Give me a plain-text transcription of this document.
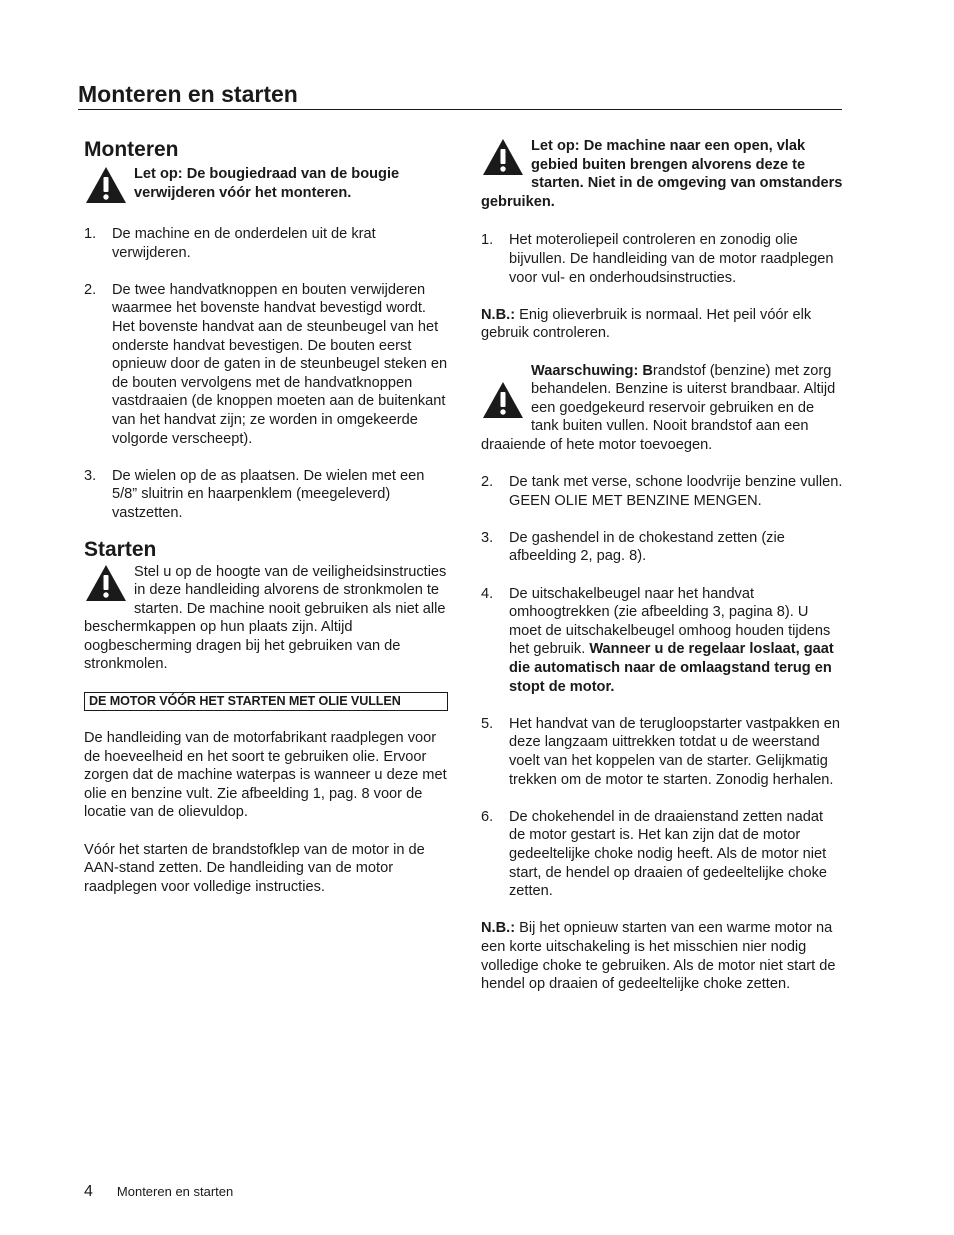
Monteren en starten
Monteren

Let op: De bougiedraad van de bougie verwijderen vóór het monteren.

1.	De machine en de onderdelen uit de krat verwijderen.
2.	De twee handvatknoppen en bouten verwijderen waarmee het bovenste handvat bevestigd wordt. Het bovenste handvat aan de steunbeugel van het onderste handvat bevestigen. De bouten eerst opnieuw door de gaten in de steunbeugel steken en de bouten vervolgens met de handvatknoppen vastdraaien (de knoppen moeten aan de buitenkant van het handvat zijn; ze worden in omgekeerde volgorde verscheept).
3.	De wielen op de as plaatsen. De wielen met een 5/8” sluitrin en haarpenklem (meegeleverd) vastzetten.
Starten

Stel u op de hoogte van de veiligheidsinstructies in deze handleiding alvorens de stronkmolen te starten. De machine nooit gebruiken als niet alle beschermkappen op hun plaats zijn. Altijd oogbescherming dragen bij het gebruiken van de stronkmolen.

DE MOTOR VÓÓR HET STARTEN MET OLIE VULLEN

De handleiding van de motorfabrikant raadplegen voor de hoeveelheid en het soort te gebruiken olie. Ervoor zorgen dat de machine waterpas is wanneer u deze met olie en benzine vult. Zie afbeelding 1, pag. 8 voor de locatie van de olievuldop.

Vóór het starten de brandstofklep van de motor in de AAN-stand zetten. De handleiding van de motor raadplegen voor volledige instructies.

Let op: De machine naar een open, vlak gebied buiten brengen alvorens deze te starten. Niet in de omgeving van omstanders gebruiken.

1.	Het moteroliepeil controleren en zonodig olie bijvullen. De handleiding van de motor raadplegen voor vul- en onderhoudsinstructies.

N.B.: Enig olieverbruik is normaal. Het peil vóór elk gebruik controleren.

Waarschuwing: Brandstof (benzine) met zorg behandelen. Benzine is uiterst brandbaar. Altijd een goedgekeurd reservoir gebruiken en de tank buiten vullen. Nooit brandstof aan een draaiende of hete motor toevoegen.

2.	De tank met verse, schone loodvrije benzine vullen. GEEN OLIE MET BENZINE MENGEN.
3.	De gashendel in de chokestand zetten (zie afbeelding 2, pag. 8).
4.	De uitschakelbeugel naar het handvat omhoogtrekken (zie afbeelding 3, pagina 8). U moet de uitschakelbeugel omhoog houden tijdens het gebruik. Wanneer u de regelaar loslaat, gaat die automatisch naar de omlaagstand terug en stopt de motor.
5.	Het handvat van de terugloopstarter vastpakken en deze langzaam uittrekken totdat u de weerstand voelt van het koppelen van de starter. Gelijkmatig trekken om de motor te starten. Zonodig herhalen.
6.	De chokehendel in de draaienstand zetten nadat de motor gestart is. Het kan zijn dat de motor gedeeltelijke choke nodig heeft. Als de motor niet start, de hendel op draaien of gedeeltelijke choke zetten.

N.B.: Bij het opnieuw starten van een warme motor na een korte uitschakeling is het misschien nier nodig volledige choke te gebruiken. Als de motor niet start de hendel op draaien of gedeeltelijke choke zetten.

4 Monteren en starten
